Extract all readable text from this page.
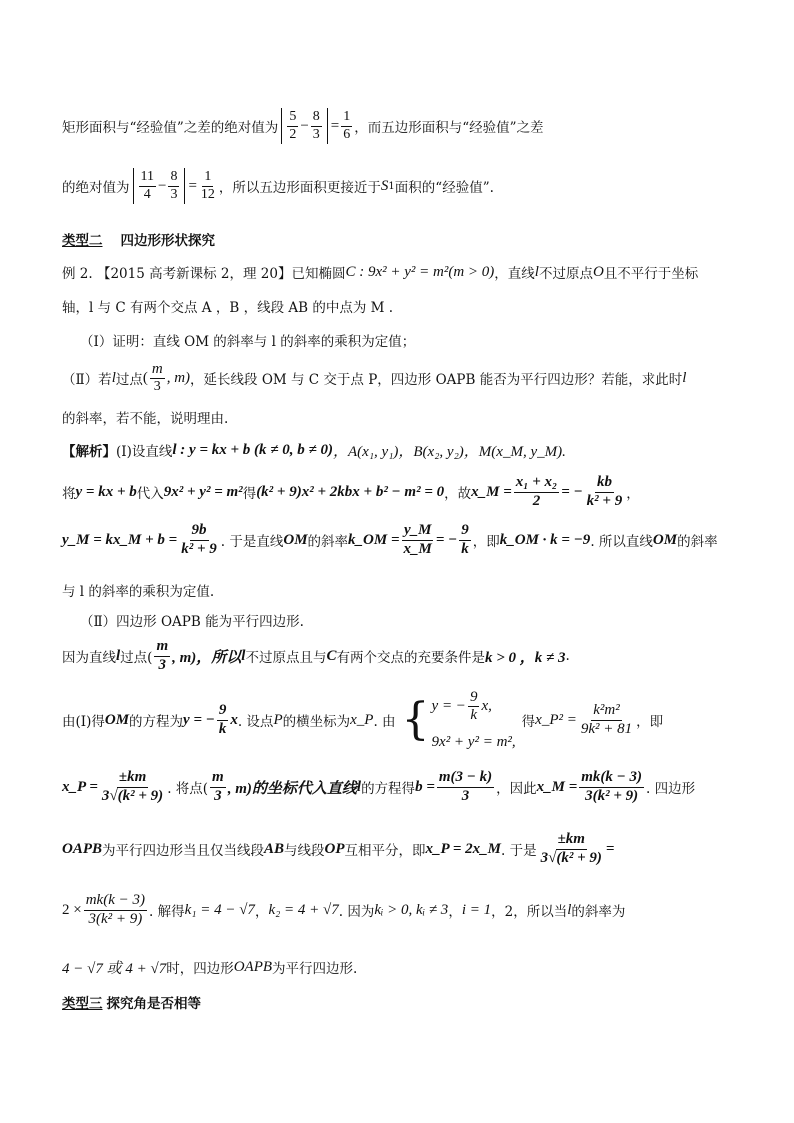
矩形面积与“经验值”之差的绝对值为 $\frac{5}{2} - \frac{8}{3} = \frac{1}{6}$ ，而五边形面积与“经验值”之差
的绝对值为 $\frac{11}{4} - \frac{8}{3} = \frac{1}{12}$ ，所以五边形面积更接近于 S 1 面积的“经验值”.
类型二 四边形形状探究
例 2. 【2015 高考新课标 2，理 20】已知椭圆 C : 9x² + y² = m²(m > 0) ，直线 l 不过原点 O 且不平行于坐标
轴，l 与 C 有两个交点 A ，B ，线段 AB 的中点为 M .
（Ⅰ）证明：直线 OM 的斜率与 l 的斜率的乘积为定值；
（Ⅱ）若 l 过点 ( $\frac{m}{3}$ , m) ，延长线段 OM 与 C 交于点 P，四边形 OAPB 能否为平行四边形？若能，求此时 l
的斜率，若不能，说明理由.
【解析】 (Ⅰ)设直线 l : y = kx + b (k ≠ 0, b ≠ 0) ，A(x₁, y₁)，B(x₂, y₂)，M(x_M, y_M).
将 y = kx + b 代入 9x² + y² = m² 得 (k² + 9)x² + 2kbx + b² − m² = 0 ，故 x_M = $\frac{\text{x₁ + x₂}}{2}$ = − $\frac{kb}{\text{k² + 9}}$ ，
y_M = kx_M + $b = \frac{9b}{\text{k² + 9}}$ . 于是直线 OM 的斜率 k_OM = $\frac{y\_M}{x\_M}$ = − $\frac{9}{k}$ ，即 k_OM · k = −9 . 所以直线 OM 的斜率
与 l 的斜率的乘积为定值.
（Ⅱ）四边形 OAPB 能为平行四边形.
因为直线 l 过点( $\frac{m}{3}$ , m)，所以 l 不过原点且与 C 有两个交点的充要条件是 k > 0 ，k ≠ 3 .
由(Ⅰ)得 OM 的方程为 y = − $\frac{9}{k}$ x . 设点 P 的横坐标为 x_P . 由 { y = − $\frac{9}{k} x$,
9x² + y² = m²,
得 x_P² = $\frac{\text{k²m²}}{\text{9k² + 81}}$ ，即
x_P = $\frac{\pm km}{\text{3√(k² + 9)}}$ . 将点( $\frac{m}{3}$ , m)的坐标代入直线 l 的方程得 $b = \frac{m(3 - k)}{3}$ ，因此 x_M = $\frac{mk(k - 3)}{\text{3(k² + 9)}}$ . 四边形
OAPB 为平行四边形当且仅当线段 AB 与线段 OP 互相平分，即 x_P = 2x_M . 于是 $\frac{\pm km}{\text{3√(k² + 9)}}$ =
$2 \times \frac{mk(k - 3)}{\text{3(k² + 9)}}$ . 解得 k₁ = 4 − √7 ， k₂ = 4 + √7 . 因为 kᵢ > 0, kᵢ ≠ 3 ， i = 1 ，2，所以当 l 的斜率为
4 − √7 或 4 + √7 时，四边形 OAPB 为平行四边形.
类型三 探究角是否相等
